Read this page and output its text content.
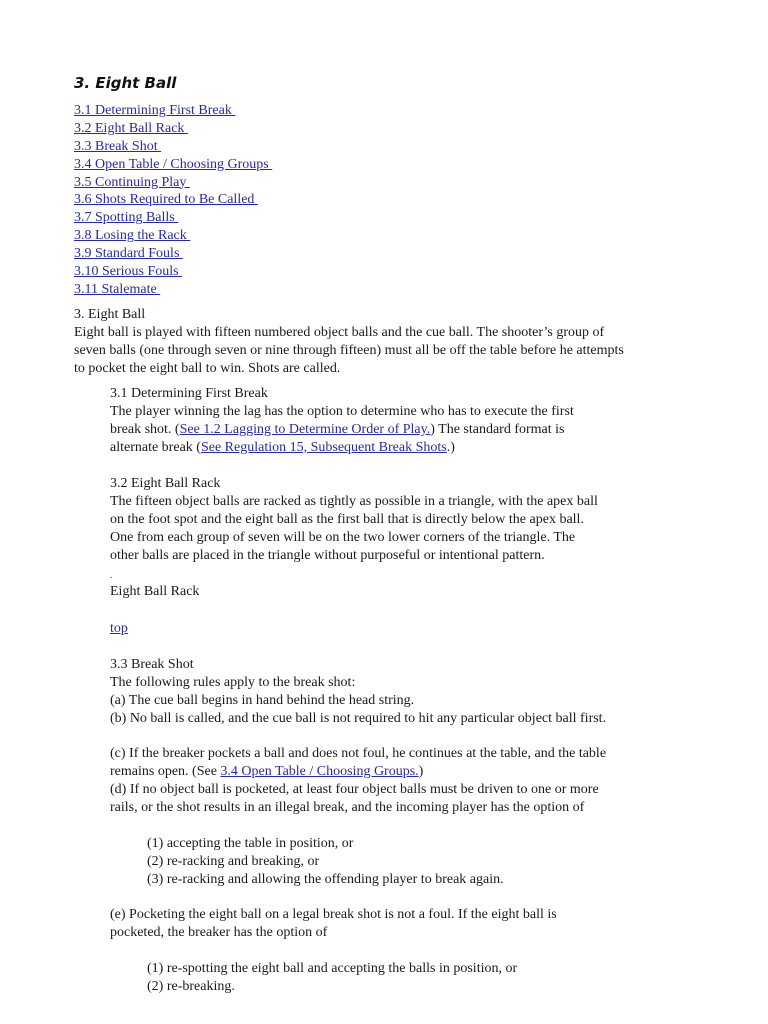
3. Eight Ball
3.1 Determining First Break
3.2 Eight Ball Rack
3.3 Break Shot
3.4 Open Table / Choosing Groups
3.5 Continuing Play
3.6 Shots Required to Be Called
3.7 Spotting Balls
3.8 Losing the Rack
3.9 Standard Fouls
3.10 Serious Fouls
3.11 Stalemate
3. Eight Ball
Eight ball is played with fifteen numbered object balls and the cue ball. The shooter’s group of
seven balls (one through seven or nine through fifteen) must all be off the table before he attempts
to pocket the eight ball to win. Shots are called.
3.1 Determining First Break
The player winning the lag has the option to determine who has to execute the first
break shot. (See 1.2 Lagging to Determine Order of Play.) The standard format is
alternate break (See Regulation 15, Subsequent Break Shots.)
3.2 Eight Ball Rack
The fifteen object balls are racked as tightly as possible in a triangle, with the apex ball
on the foot spot and the eight ball as the first ball that is directly below the apex ball.
One from each group of seven will be on the two lower corners of the triangle. The
other balls are placed in the triangle without purposeful or intentional pattern.
.
Eight Ball Rack
top
3.3 Break Shot
The following rules apply to the break shot:
(a) The cue ball begins in hand behind the head string.
(b) No ball is called, and the cue ball is not required to hit any particular object ball first.
(c) If the breaker pockets a ball and does not foul, he continues at the table, and the table
remains open. (See 3.4 Open Table / Choosing Groups.)
(d) If no object ball is pocketed, at least four object balls must be driven to one or more
rails, or the shot results in an illegal break, and the incoming player has the option of
(1) accepting the table in position, or
(2) re-racking and breaking, or
(3) re-racking and allowing the offending player to break again.
(e) Pocketing the eight ball on a legal break shot is not a foul. If the eight ball is
pocketed, the breaker has the option of
(1) re-spotting the eight ball and accepting the balls in position, or
(2) re-breaking.
